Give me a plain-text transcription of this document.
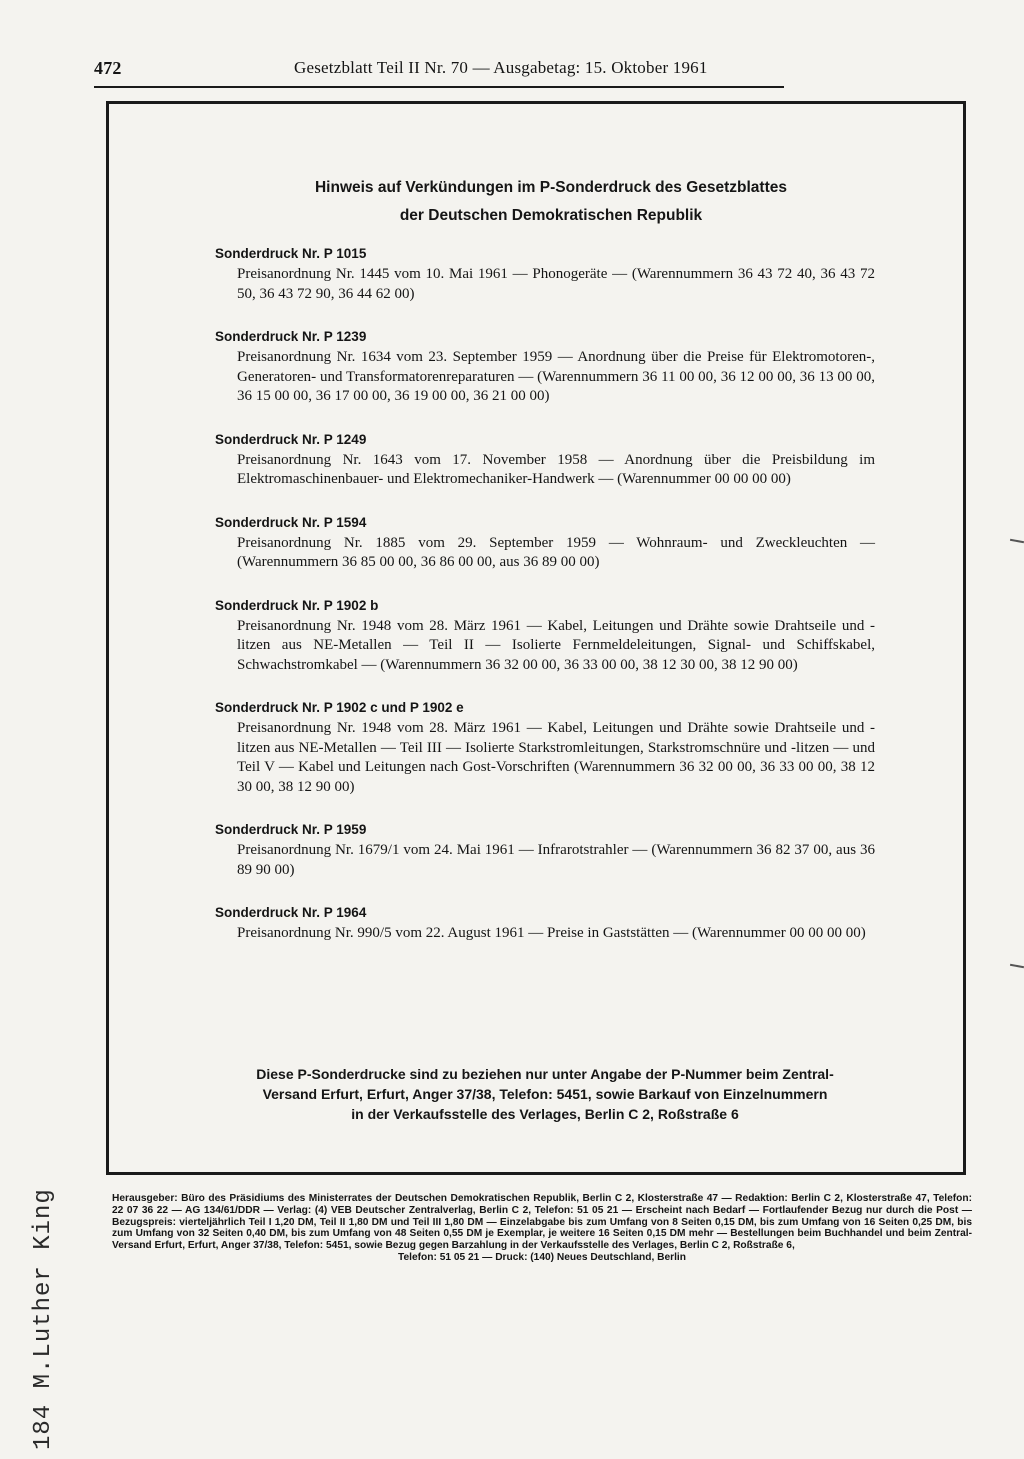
472	Gesetzblatt Teil II Nr. 70 — Ausgabetag: 15. Oktober 1961
Hinweis auf Verkündungen im P-Sonderdruck des Gesetzblattes
der Deutschen Demokratischen Republik
Sonderdruck Nr. P 1015
Preisanordnung Nr. 1445 vom 10. Mai 1961 — Phonogeräte — (Warennummern 36 43 72 40, 36 43 72 50, 36 43 72 90, 36 44 62 00)
Sonderdruck Nr. P 1239
Preisanordnung Nr. 1634 vom 23. September 1959 — Anordnung über die Preise für Elektromotoren-, Generatoren- und Transformatorenreparaturen — (Warennummern 36 11 00 00, 36 12 00 00, 36 13 00 00, 36 15 00 00, 36 17 00 00, 36 19 00 00, 36 21 00 00)
Sonderdruck Nr. P 1249
Preisanordnung Nr. 1643 vom 17. November 1958 — Anordnung über die Preisbildung im Elektromaschinenbauer- und Elektromechaniker-Handwerk — (Warennummer 00 00 00 00)
Sonderdruck Nr. P 1594
Preisanordnung Nr. 1885 vom 29. September 1959 — Wohnraum- und Zweckleuchten — (Warennummern 36 85 00 00, 36 86 00 00, aus 36 89 00 00)
Sonderdruck Nr. P 1902 b
Preisanordnung Nr. 1948 vom 28. März 1961 — Kabel, Leitungen und Drähte sowie Drahtseile und -litzen aus NE-Metallen — Teil II — Isolierte Fernmeldeleitungen, Signal- und Schiffskabel, Schwachstromkabel — (Warennummern 36 32 00 00, 36 33 00 00, 38 12 30 00, 38 12 90 00)
Sonderdruck Nr. P 1902 c und P 1902 e
Preisanordnung Nr. 1948 vom 28. März 1961 — Kabel, Leitungen und Drähte sowie Drahtseile und -litzen aus NE-Metallen — Teil III — Isolierte Starkstromleitungen, Starkstromschnüre und -litzen — und Teil V — Kabel und Leitungen nach Gost-Vorschriften (Warennummern 36 32 00 00, 36 33 00 00, 38 12 30 00, 38 12 90 00)
Sonderdruck Nr. P 1959
Preisanordnung Nr. 1679/1 vom 24. Mai 1961 — Infrarotstrahler — (Warennummern 36 82 37 00, aus 36 89 90 00)
Sonderdruck Nr. P 1964
Preisanordnung Nr. 990/5 vom 22. August 1961 — Preise in Gaststätten — (Warennummer 00 00 00 00)
Diese P-Sonderdrucke sind zu beziehen nur unter Angabe der P-Nummer beim Zentral-
Versand Erfurt, Erfurt, Anger 37/38, Telefon: 5451, sowie Barkauf von Einzelnummern
in der Verkaufsstelle des Verlages, Berlin C 2, Roßstraße 6
Herausgeber: Büro des Präsidiums des Ministerrates der Deutschen Demokratischen Republik, Berlin C 2, Klosterstraße 47 — Redaktion: Berlin C 2, Klosterstraße 47, Telefon: 22 07 36 22 — AG 134/61/DDR — Verlag: (4) VEB Deutscher Zentralverlag, Berlin C 2, Telefon: 51 05 21 — Erscheint nach Bedarf — Fortlaufender Bezug nur durch die Post — Bezugspreis: vierteljährlich Teil I 1,20 DM, Teil II 1,80 DM und Teil III 1,80 DM — Einzelabgabe bis zum Umfang von 8 Seiten 0,15 DM, bis zum Umfang von 16 Seiten 0,25 DM, bis zum Umfang von 32 Seiten 0,40 DM, bis zum Umfang von 48 Seiten 0,55 DM je Exemplar, je weitere 16 Seiten 0,15 DM mehr — Bestellungen beim Buchhandel und beim Zentral-Versand Erfurt, Erfurt, Anger 37/38, Telefon: 5451, sowie Bezug gegen Barzahlung in der Verkaufsstelle des Verlages, Berlin C 2, Roßstraße 6,
Telefon: 51 05 21 — Druck: (140) Neues Deutschland, Berlin
184 M.Luther King
